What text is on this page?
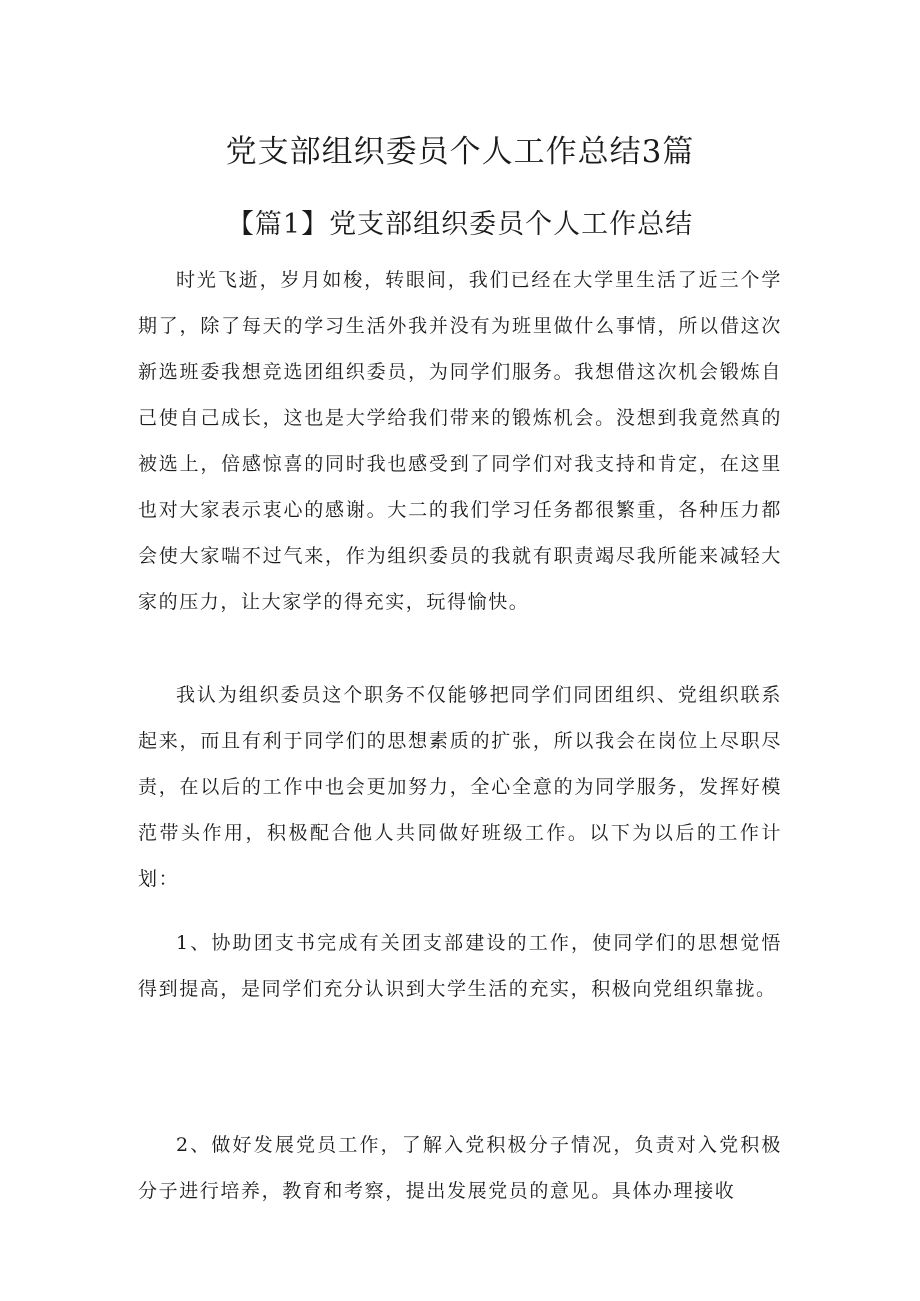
党支部组织委员个人工作总结3篇
【篇1】党支部组织委员个人工作总结

时光飞逝，岁月如梭，转眼间，我们已经在大学里生活了近三个学期了，除了每天的学习生活外我并没有为班里做什么事情，所以借这次新选班委我想竞选团组织委员，为同学们服务。我想借这次机会锻炼自己使自己成长，这也是大学给我们带来的锻炼机会。没想到我竟然真的被选上，倍感惊喜的同时我也感受到了同学们对我支持和肯定，在这里也对大家表示衷心的感谢。大二的我们学习任务都很繁重，各种压力都会使大家喘不过气来，作为组织委员的我就有职责竭尽我所能来减轻大家的压力，让大家学的得充实，玩得愉快。

我认为组织委员这个职务不仅能够把同学们同团组织、党组织联系起来，而且有利于同学们的思想素质的扩张，所以我会在岗位上尽职尽责，在以后的工作中也会更加努力，全心全意的为同学服务，发挥好模范带头作用，积极配合他人共同做好班级工作。以下为以后的工作计划：

1、协助团支书完成有关团支部建设的工作，使同学们的思想觉悟得到提高，是同学们充分认识到大学生活的充实，积极向党组织靠拢。

2、做好发展党员工作，了解入党积极分子情况，负责对入党积极分子进行培养，教育和考察，提出发展党员的意见。具体办理接收
